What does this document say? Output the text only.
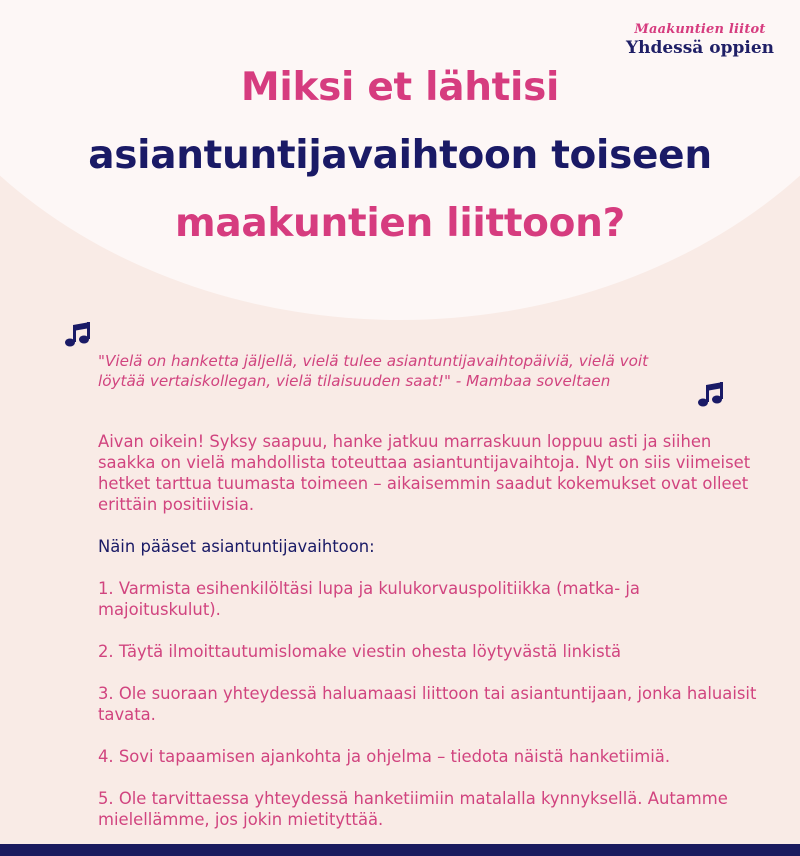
Maakuntien liitot
Yhdessä oppien
Miksi et lähtisi
asiantuntijavaihtoon toiseen
maakuntien liittoon?
"Vielä on hanketta jäljellä, vielä tulee asiantuntijavaihtopäiviä, vielä voit löytää vertaiskollegan, vielä tilaisuuden saat!" - Mambaa soveltaen

Aivan oikein! Syksy saapuu, hanke jatkuu marraskuun loppuu asti ja siihen saakka on vielä mahdollista toteuttaa asiantuntijavaihtoja. Nyt on siis viimeiset hetket tarttua tuumasta toimeen – aikaisemmin saadut kokemukset ovat olleet erittäin positiivisia.

Näin pääset asiantuntijavaihtoon:

1. Varmista esihenkilöltäsi lupa ja kulukorvauspolitiikka (matka- ja majoituskulut).

2. Täytä ilmoittautumislomake viestin ohesta löytyvästä linkistä

3. Ole suoraan yhteydessä haluamaasi liittoon tai asiantuntijaan, jonka haluaisit tavata.

4. Sovi tapaamisen ajankohta ja ohjelma – tiedota näistä hanketiimiä.

5. Ole tarvittaessa yhteydessä hanketiimiin matalalla kynnyksellä. Autamme mielellämme, jos jokin mietityttää.
